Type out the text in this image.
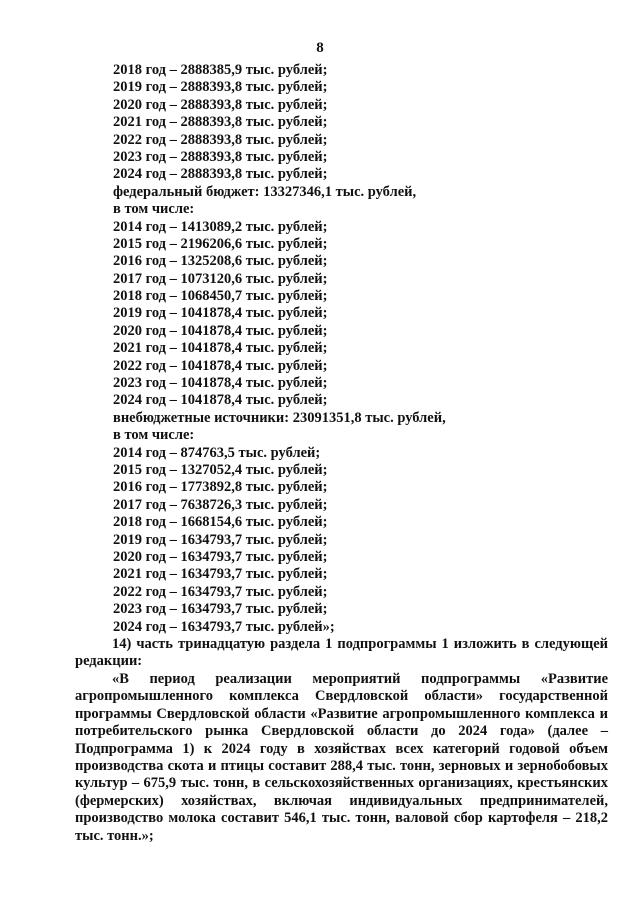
8
2018 год – 2888385,9 тыс. рублей;
2019 год – 2888393,8 тыс. рублей;
2020 год – 2888393,8 тыс. рублей;
2021 год – 2888393,8 тыс. рублей;
2022 год – 2888393,8 тыс. рублей;
2023 год – 2888393,8 тыс. рублей;
2024 год – 2888393,8 тыс. рублей;
федеральный бюджет: 13327346,1 тыс. рублей,
в том числе:
2014 год – 1413089,2 тыс. рублей;
2015 год – 2196206,6 тыс. рублей;
2016 год – 1325208,6 тыс. рублей;
2017 год – 1073120,6 тыс. рублей;
2018 год – 1068450,7 тыс. рублей;
2019 год – 1041878,4 тыс. рублей;
2020 год – 1041878,4 тыс. рублей;
2021 год – 1041878,4 тыс. рублей;
2022 год – 1041878,4 тыс. рублей;
2023 год – 1041878,4 тыс. рублей;
2024 год – 1041878,4 тыс. рублей;
внебюджетные источники: 23091351,8 тыс. рублей,
в том числе:
2014 год – 874763,5 тыс. рублей;
2015 год – 1327052,4 тыс. рублей;
2016 год – 1773892,8 тыс. рублей;
2017 год – 7638726,3 тыс. рублей;
2018 год – 1668154,6 тыс. рублей;
2019 год – 1634793,7 тыс. рублей;
2020 год – 1634793,7 тыс. рублей;
2021 год – 1634793,7 тыс. рублей;
2022 год – 1634793,7 тыс. рублей;
2023 год – 1634793,7 тыс. рублей;
2024 год – 1634793,7 тыс. рублей»;
14) часть тринадцатую раздела 1 подпрограммы 1 изложить в следующей редакции:
«В период реализации мероприятий подпрограммы «Развитие агропромышленного комплекса Свердловской области» государственной программы Свердловской области «Развитие агропромышленного комплекса и потребительского рынка Свердловской области до 2024 года» (далее – Подпрограмма 1) к 2024 году в хозяйствах всех категорий годовой объем производства скота и птицы составит 288,4 тыс. тонн, зерновых и зернобобовых культур – 675,9 тыс. тонн, в сельскохозяйственных организациях, крестьянских (фермерских) хозяйствах, включая индивидуальных предпринимателей, производство молока составит 546,1 тыс. тонн, валовой сбор картофеля – 218,2 тыс. тонн.»;
